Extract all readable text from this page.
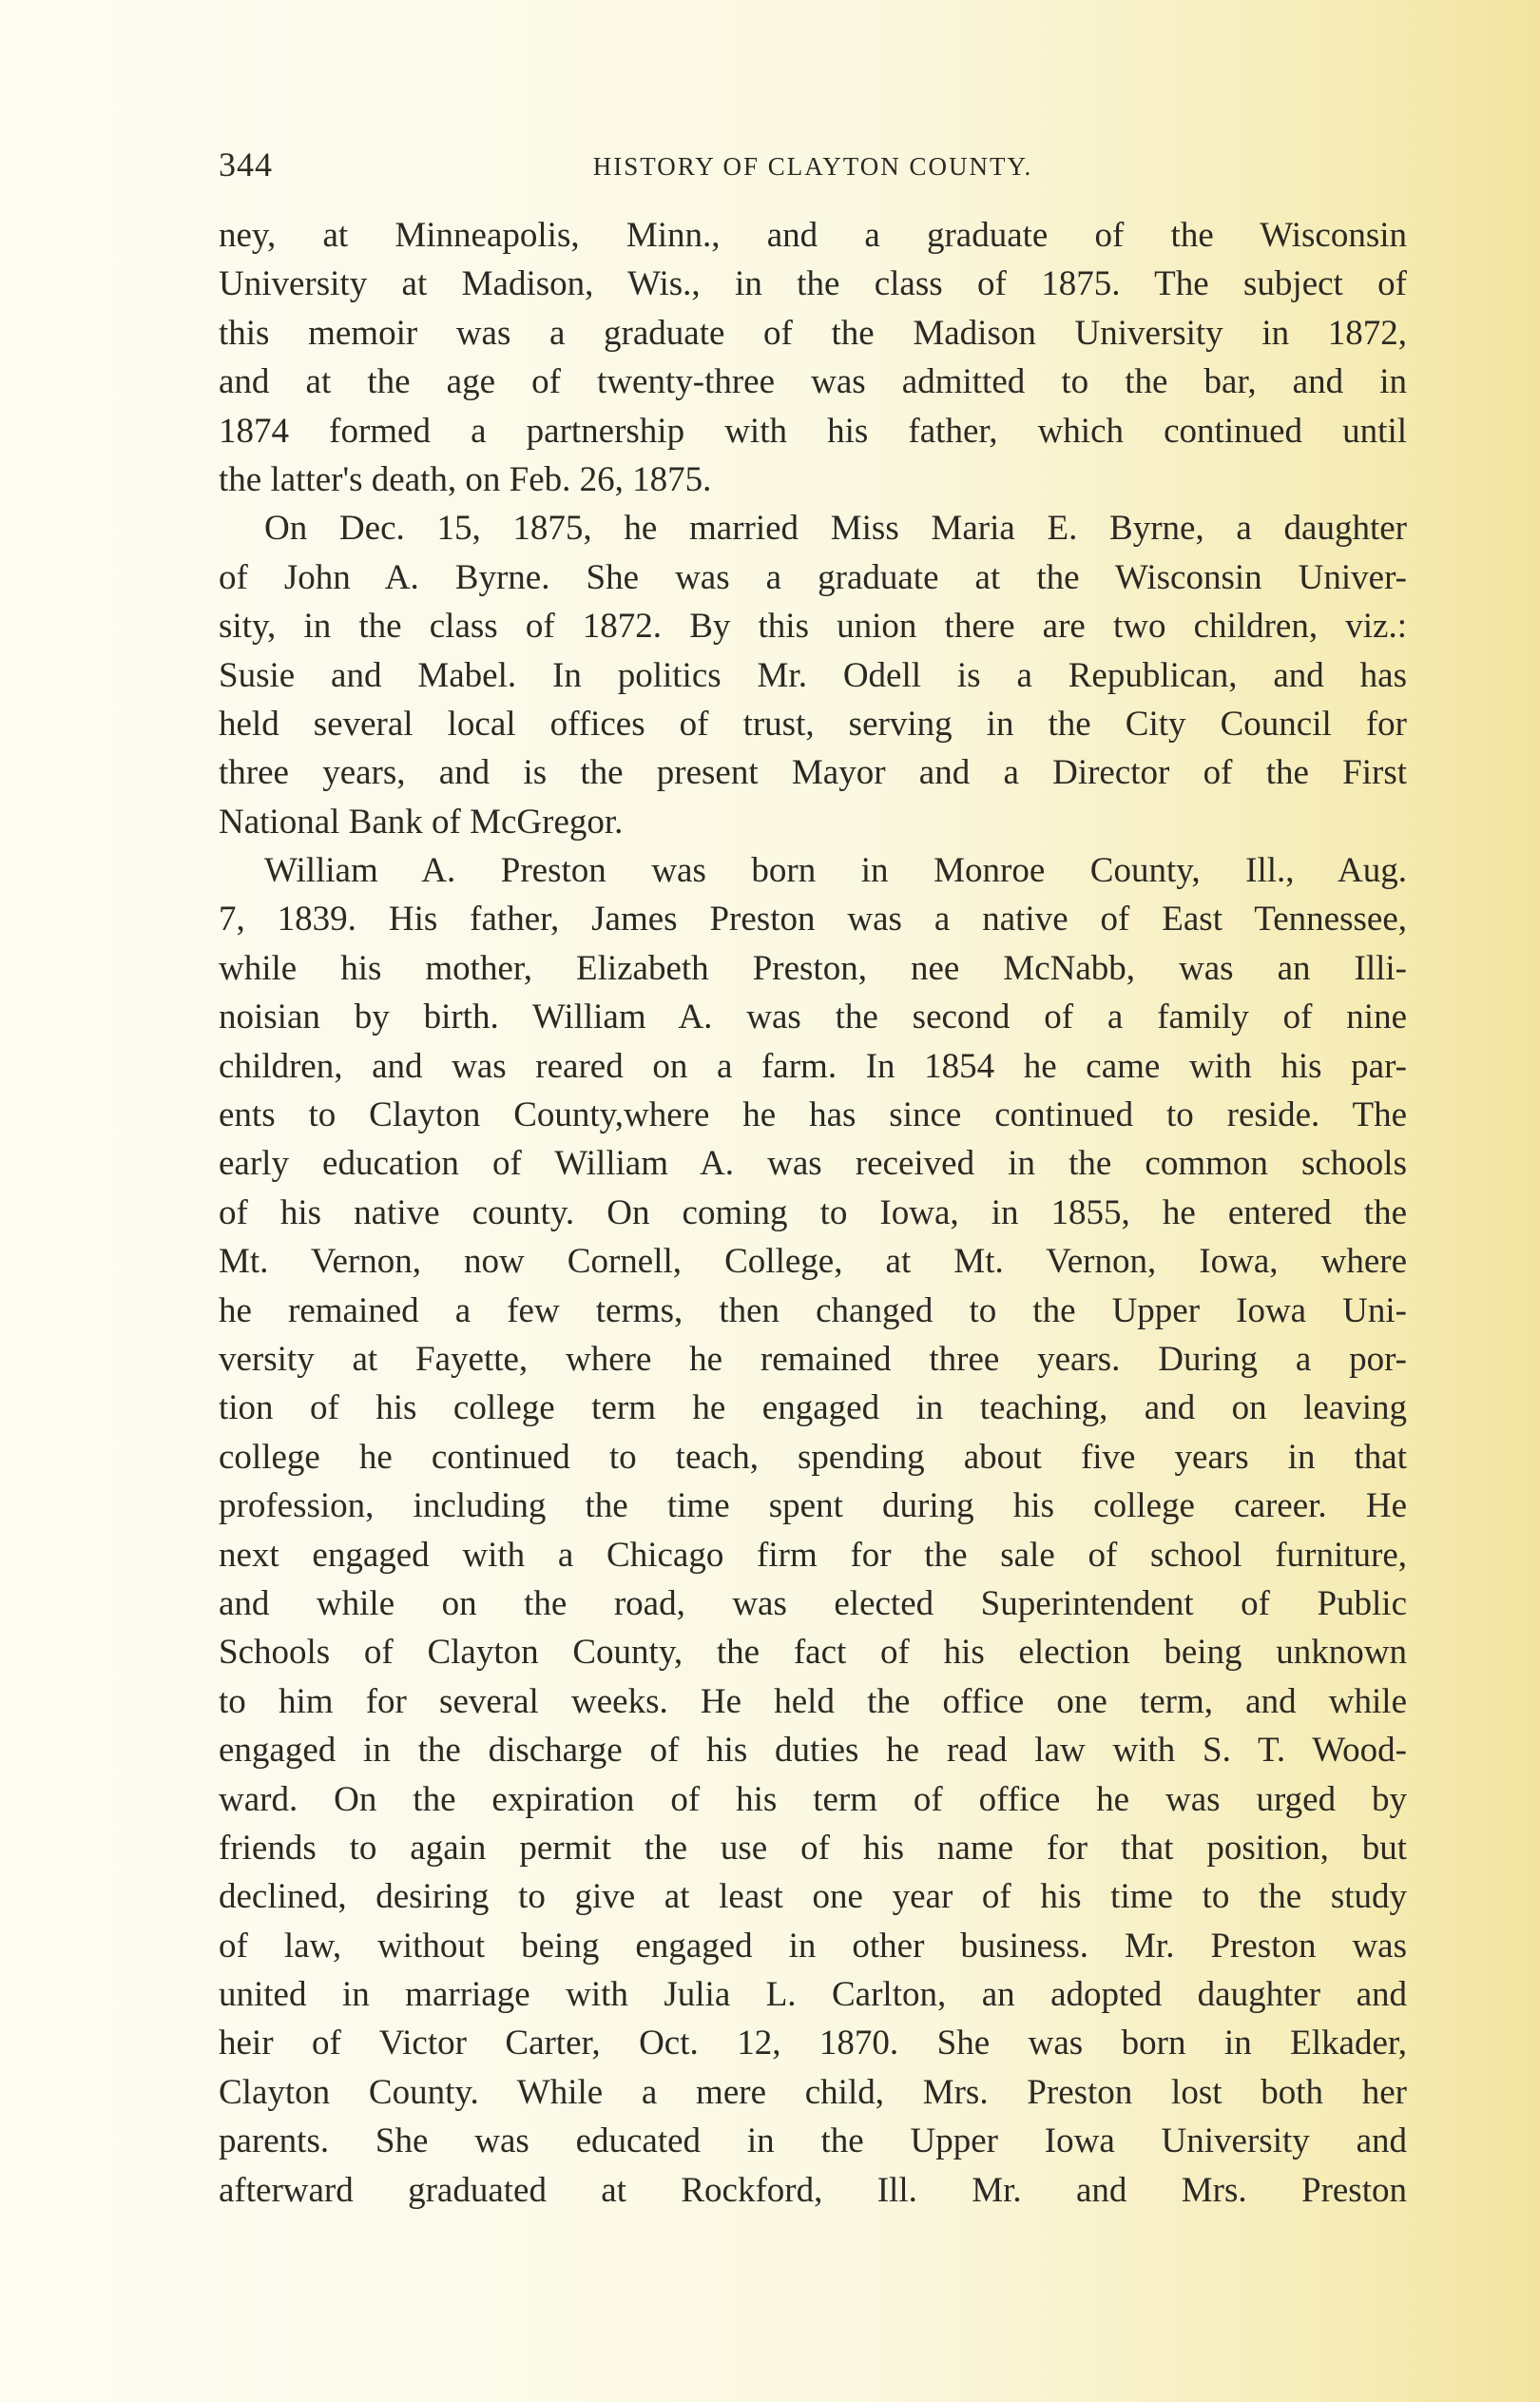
344	HISTORY OF CLAYTON COUNTY.
ney, at Minneapolis, Minn., and a graduate of the Wisconsin
University at Madison, Wis., in the class of 1875. The subject of
this memoir was a graduate of the Madison University in 1872,
and at the age of twenty-three was admitted to the bar, and in
1874 formed a partnership with his father, which continued until
the latter's death, on Feb. 26, 1875.
On Dec. 15, 1875, he married Miss Maria E. Byrne, a daughter
of John A. Byrne. She was a graduate at the Wisconsin Univer-
sity, in the class of 1872. By this union there are two children, viz.:
Susie and Mabel. In politics Mr. Odell is a Republican, and has
held several local offices of trust, serving in the City Council for
three years, and is the present Mayor and a Director of the First
National Bank of McGregor.
William A. Preston was born in Monroe County, Ill., Aug.
7, 1839. His father, James Preston was a native of East Tennessee,
while his mother, Elizabeth Preston, nee McNabb, was an Illi-
noisian by birth. William A. was the second of a family of nine
children, and was reared on a farm. In 1854 he came with his par-
ents to Clayton County,where he has since continued to reside. The
early education of William A. was received in the common schools
of his native county. On coming to Iowa, in 1855, he entered the
Mt. Vernon, now Cornell, College, at Mt. Vernon, Iowa, where
he remained a few terms, then changed to the Upper Iowa Uni-
versity at Fayette, where he remained three years. During a por-
tion of his college term he engaged in teaching, and on leaving
college he continued to teach, spending about five years in that
profession, including the time spent during his college career. He
next engaged with a Chicago firm for the sale of school furniture,
and while on the road, was elected Superintendent of Public
Schools of Clayton County, the fact of his election being unknown
to him for several weeks. He held the office one term, and while
engaged in the discharge of his duties he read law with S. T. Wood-
ward. On the expiration of his term of office he was urged by
friends to again permit the use of his name for that position, but
declined, desiring to give at least one year of his time to the study
of law, without being engaged in other business. Mr. Preston was
united in marriage with Julia L. Carlton, an adopted daughter and
heir of Victor Carter, Oct. 12, 1870. She was born in Elkader,
Clayton County. While a mere child, Mrs. Preston lost both her
parents. She was educated in the Upper Iowa University and
afterward graduated at Rockford, Ill. Mr. and Mrs. Preston
